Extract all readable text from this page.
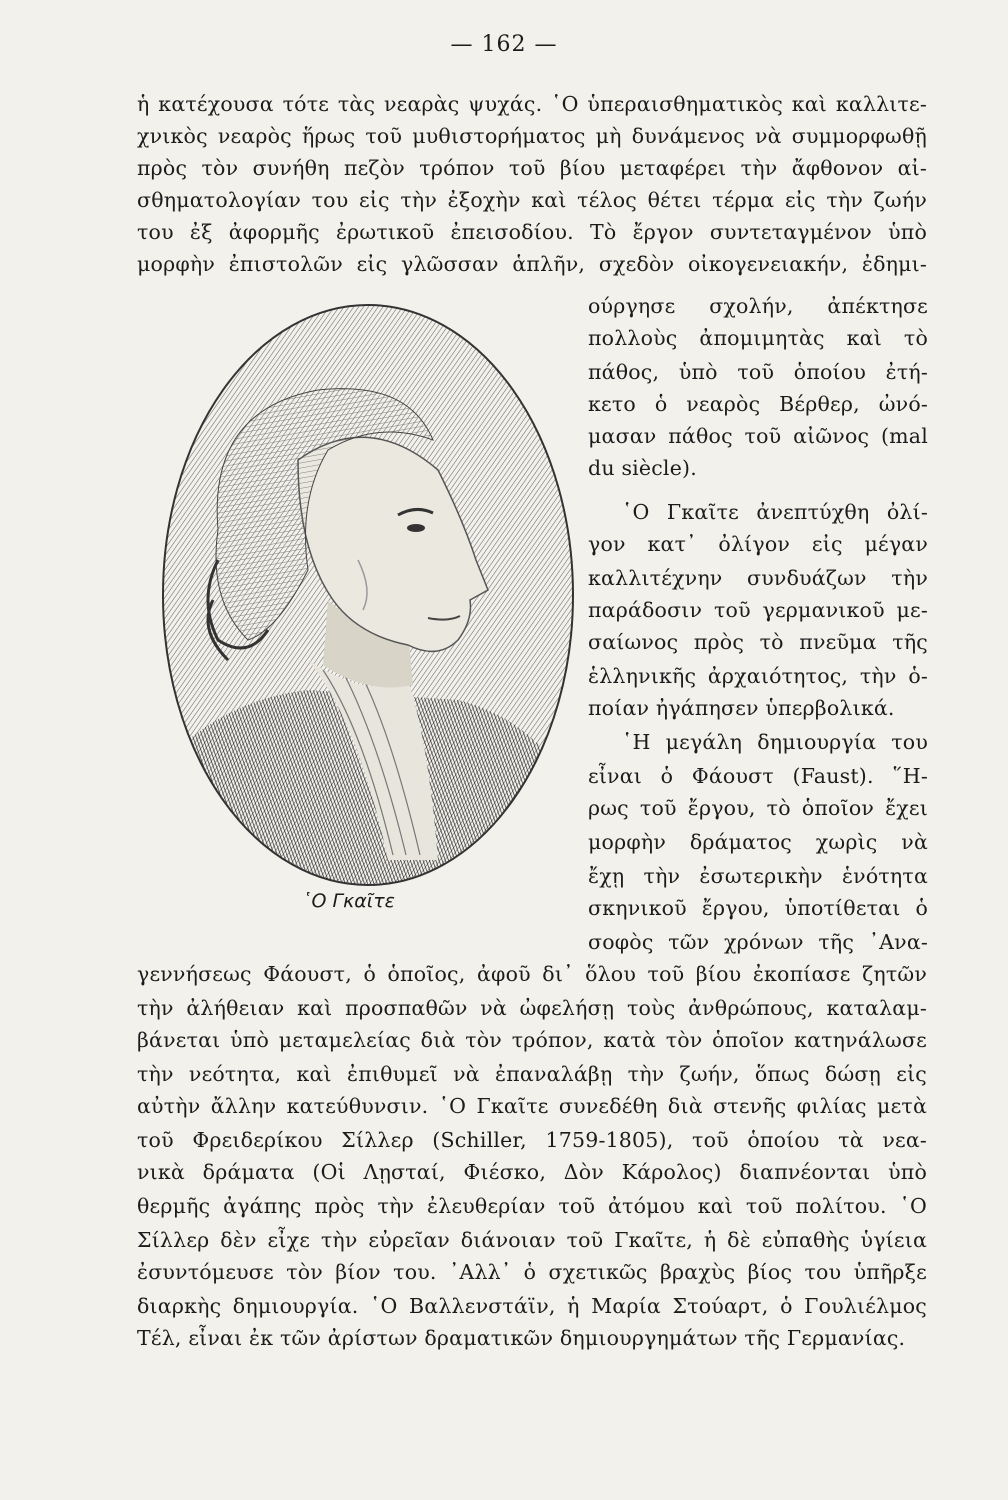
— 162 —
ἡ κατέχουσα τότε τὰς νεαρὰς ψυχάς. ῾Ο ὑπεραισθηματικὸς καὶ καλλιτε-
χνικὸς νεαρὸς ἥρως τοῦ μυθιστορήματος μὴ δυνάμενος νὰ συμμορφωθῇ
πρὸς τὸν συνήθη πεζὸν τρόπον τοῦ βίου μεταφέρει τὴν ἄφθονον αἰ-
σθηματολογίαν του εἰς τὴν ἐξοχὴν καὶ τέλος θέτει τέρμα εἰς τὴν ζωήν
του ἐξ ἀφορμῆς ἐρωτικοῦ ἐπεισοδίου. Τὸ ἔργον συντεταγμένον ὑπὸ
μορφὴν ἐπιστολῶν εἰς γλῶσσαν ἁπλῆν, σχεδὸν οἰκογενειακήν, ἐδημι-
῾Ο Γκαῖτε
ούργησε σχολήν, ἀπέκτησε
πολλοὺς ἀπομιμητὰς καὶ τὸ
πάθος, ὑπὸ τοῦ ὁποίου ἐτή-
κετο ὁ νεαρὸς Βέρθερ, ὠνό-
μασαν πάθος τοῦ αἰῶνος (mal
du siècle).
῾Ο Γκαῖτε ἀνεπτύχθη ὀλί-
γον κατ᾽ ὀλίγον εἰς μέγαν
καλλιτέχνην συνδυάζων τὴν
παράδοσιν τοῦ γερμανικοῦ με-
σαίωνος πρὸς τὸ πνεῦμα τῆς
ἑλληνικῆς ἀρχαιότητος, τὴν ὁ-
ποίαν ἠγάπησεν ὑπερβολικά.
῾Η μεγάλη δημιουργία του
εἶναι ὁ Φάουστ (Faust). ῞Η-
ρως τοῦ ἔργου, τὸ ὁποῖον ἔχει
μορφὴν δράματος χωρὶς νὰ
ἔχῃ τὴν ἐσωτερικὴν ἑνότητα
σκηνικοῦ ἔργου, ὑποτίθεται ὁ
σοφὸς τῶν χρόνων τῆς ᾿Ανα-
γεννήσεως Φάουστ, ὁ ὁποῖος, ἀφοῦ δι᾽ ὅλου τοῦ βίου ἐκοπίασε ζητῶν
τὴν ἀλήθειαν καὶ προσπαθῶν νὰ ὠφελήσῃ τοὺς ἀνθρώπους, καταλαμ-
βάνεται ὑπὸ μεταμελείας διὰ τὸν τρόπον, κατὰ τὸν ὁποῖον κατηνάλωσε
τὴν νεότητα, καὶ ἐπιθυμεῖ νὰ ἐπαναλάβῃ τὴν ζωήν, ὅπως δώσῃ εἰς
αὐτὴν ἄλλην κατεύθυνσιν. ῾Ο Γκαῖτε συνεδέθη διὰ στενῆς φιλίας μετὰ
τοῦ Φρειδερίκου Σίλλερ (Schiller, 1759-1805), τοῦ ὁποίου τὰ νεα-
νικὰ δράματα (Οἱ Λῃσταί, Φιέσκο, Δὸν Κάρολος) διαπνέονται ὑπὸ
θερμῆς ἀγάπης πρὸς τὴν ἐλευθερίαν τοῦ ἀτόμου καὶ τοῦ πολίτου. ῾Ο
Σίλλερ δὲν εἶχε τὴν εὐρεῖαν διάνοιαν τοῦ Γκαῖτε, ἡ δὲ εὐπαθὴς ὑγίεια
ἐσυντόμευσε τὸν βίον του. ᾿Αλλ᾽ ὁ σχετικῶς βραχὺς βίος του ὑπῆρξε
διαρκὴς δημιουργία. ῾Ο Βαλλενστάϊν, ἡ Μαρία Στούαρτ, ὁ Γουλιέλμος
Τέλ, εἶναι ἐκ τῶν ἀρίστων δραματικῶν δημιουργημάτων τῆς Γερμανίας.
